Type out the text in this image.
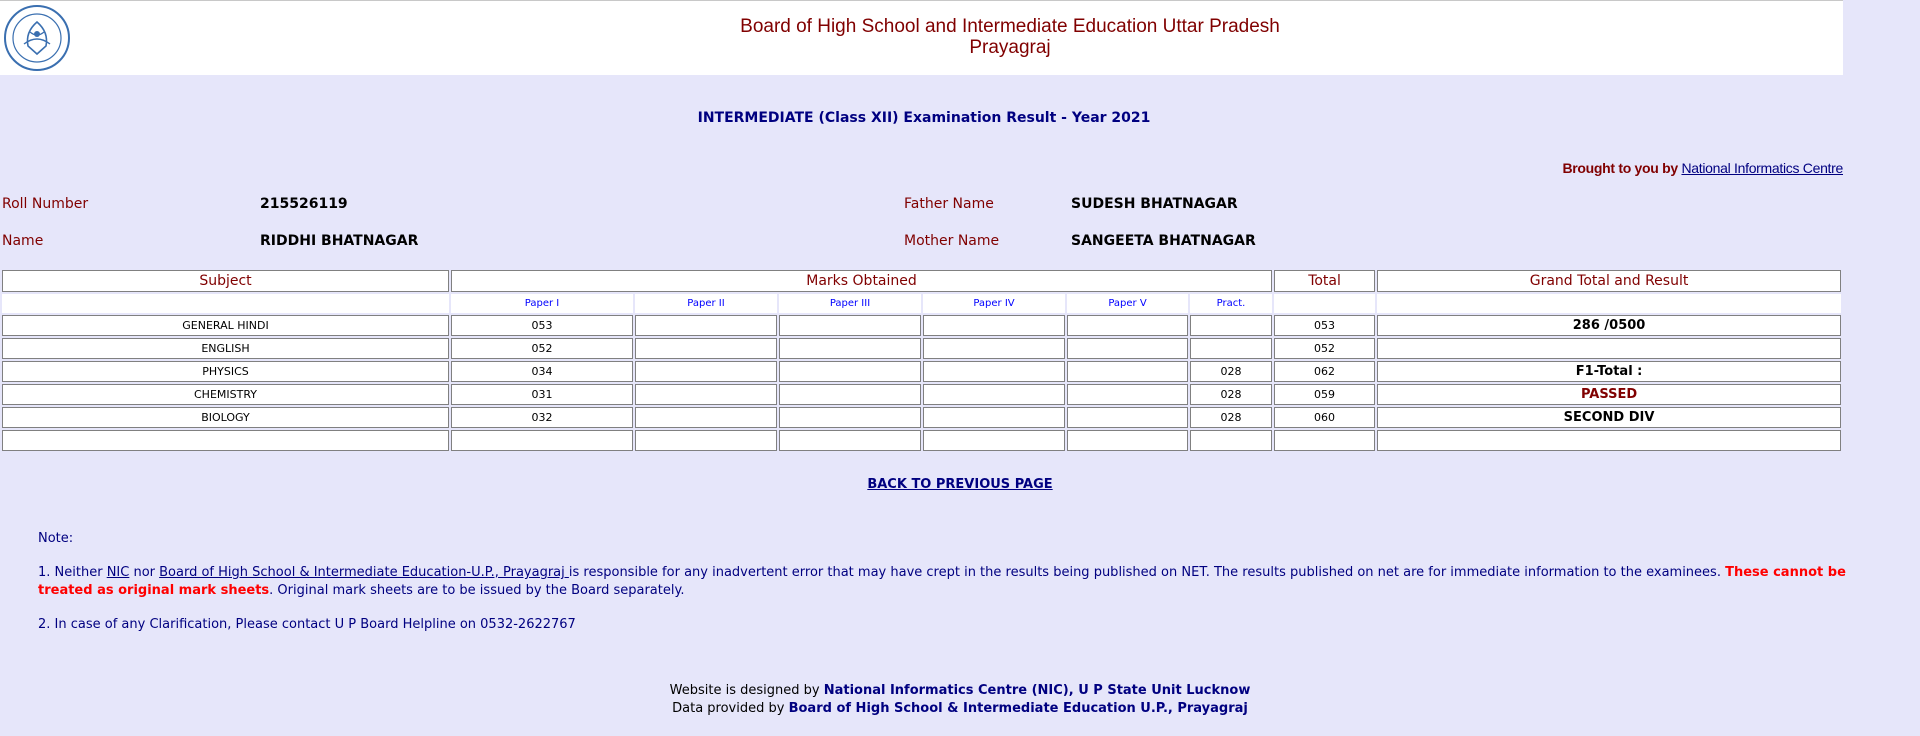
Board of High School and Intermediate Education Uttar Pradesh
Prayagraj
INTERMEDIATE (Class XII) Examination Result - Year 2021
Brought to you by National Informatics Centre
Roll Number	215526119	Father Name	SUDESH BHATNAGAR
Name	RIDDHI BHATNAGAR	Mother Name	SANGEETA BHATNAGAR
Subject	Marks Obtained						Total	Grand Total and Result
	Paper I	Paper II	Paper III	Paper IV	Paper V	Pract.		
GENERAL HINDI	053						053	286 /0500
ENGLISH	052						052	
PHYSICS	034					028	062	F1-Total :
CHEMISTRY	031					028	059	PASSED
BIOLOGY	032					028	060	SECOND DIV

BACK TO PREVIOUS PAGE

Note:

1. Neither NIC nor Board of High School & Intermediate Education-U.P., Prayagraj is responsible for any inadvertent error that may have crept in the results being published on NET. The results published on net are for immediate information to the examinees. These cannot be treated as original mark sheets. Original mark sheets are to be issued by the Board separately.

2. In case of any Clarification, Please contact U P Board Helpline on 0532-2622767

Website is designed by National Informatics Centre (NIC), U P State Unit Lucknow
Data provided by Board of High School & Intermediate Education U.P., Prayagraj
